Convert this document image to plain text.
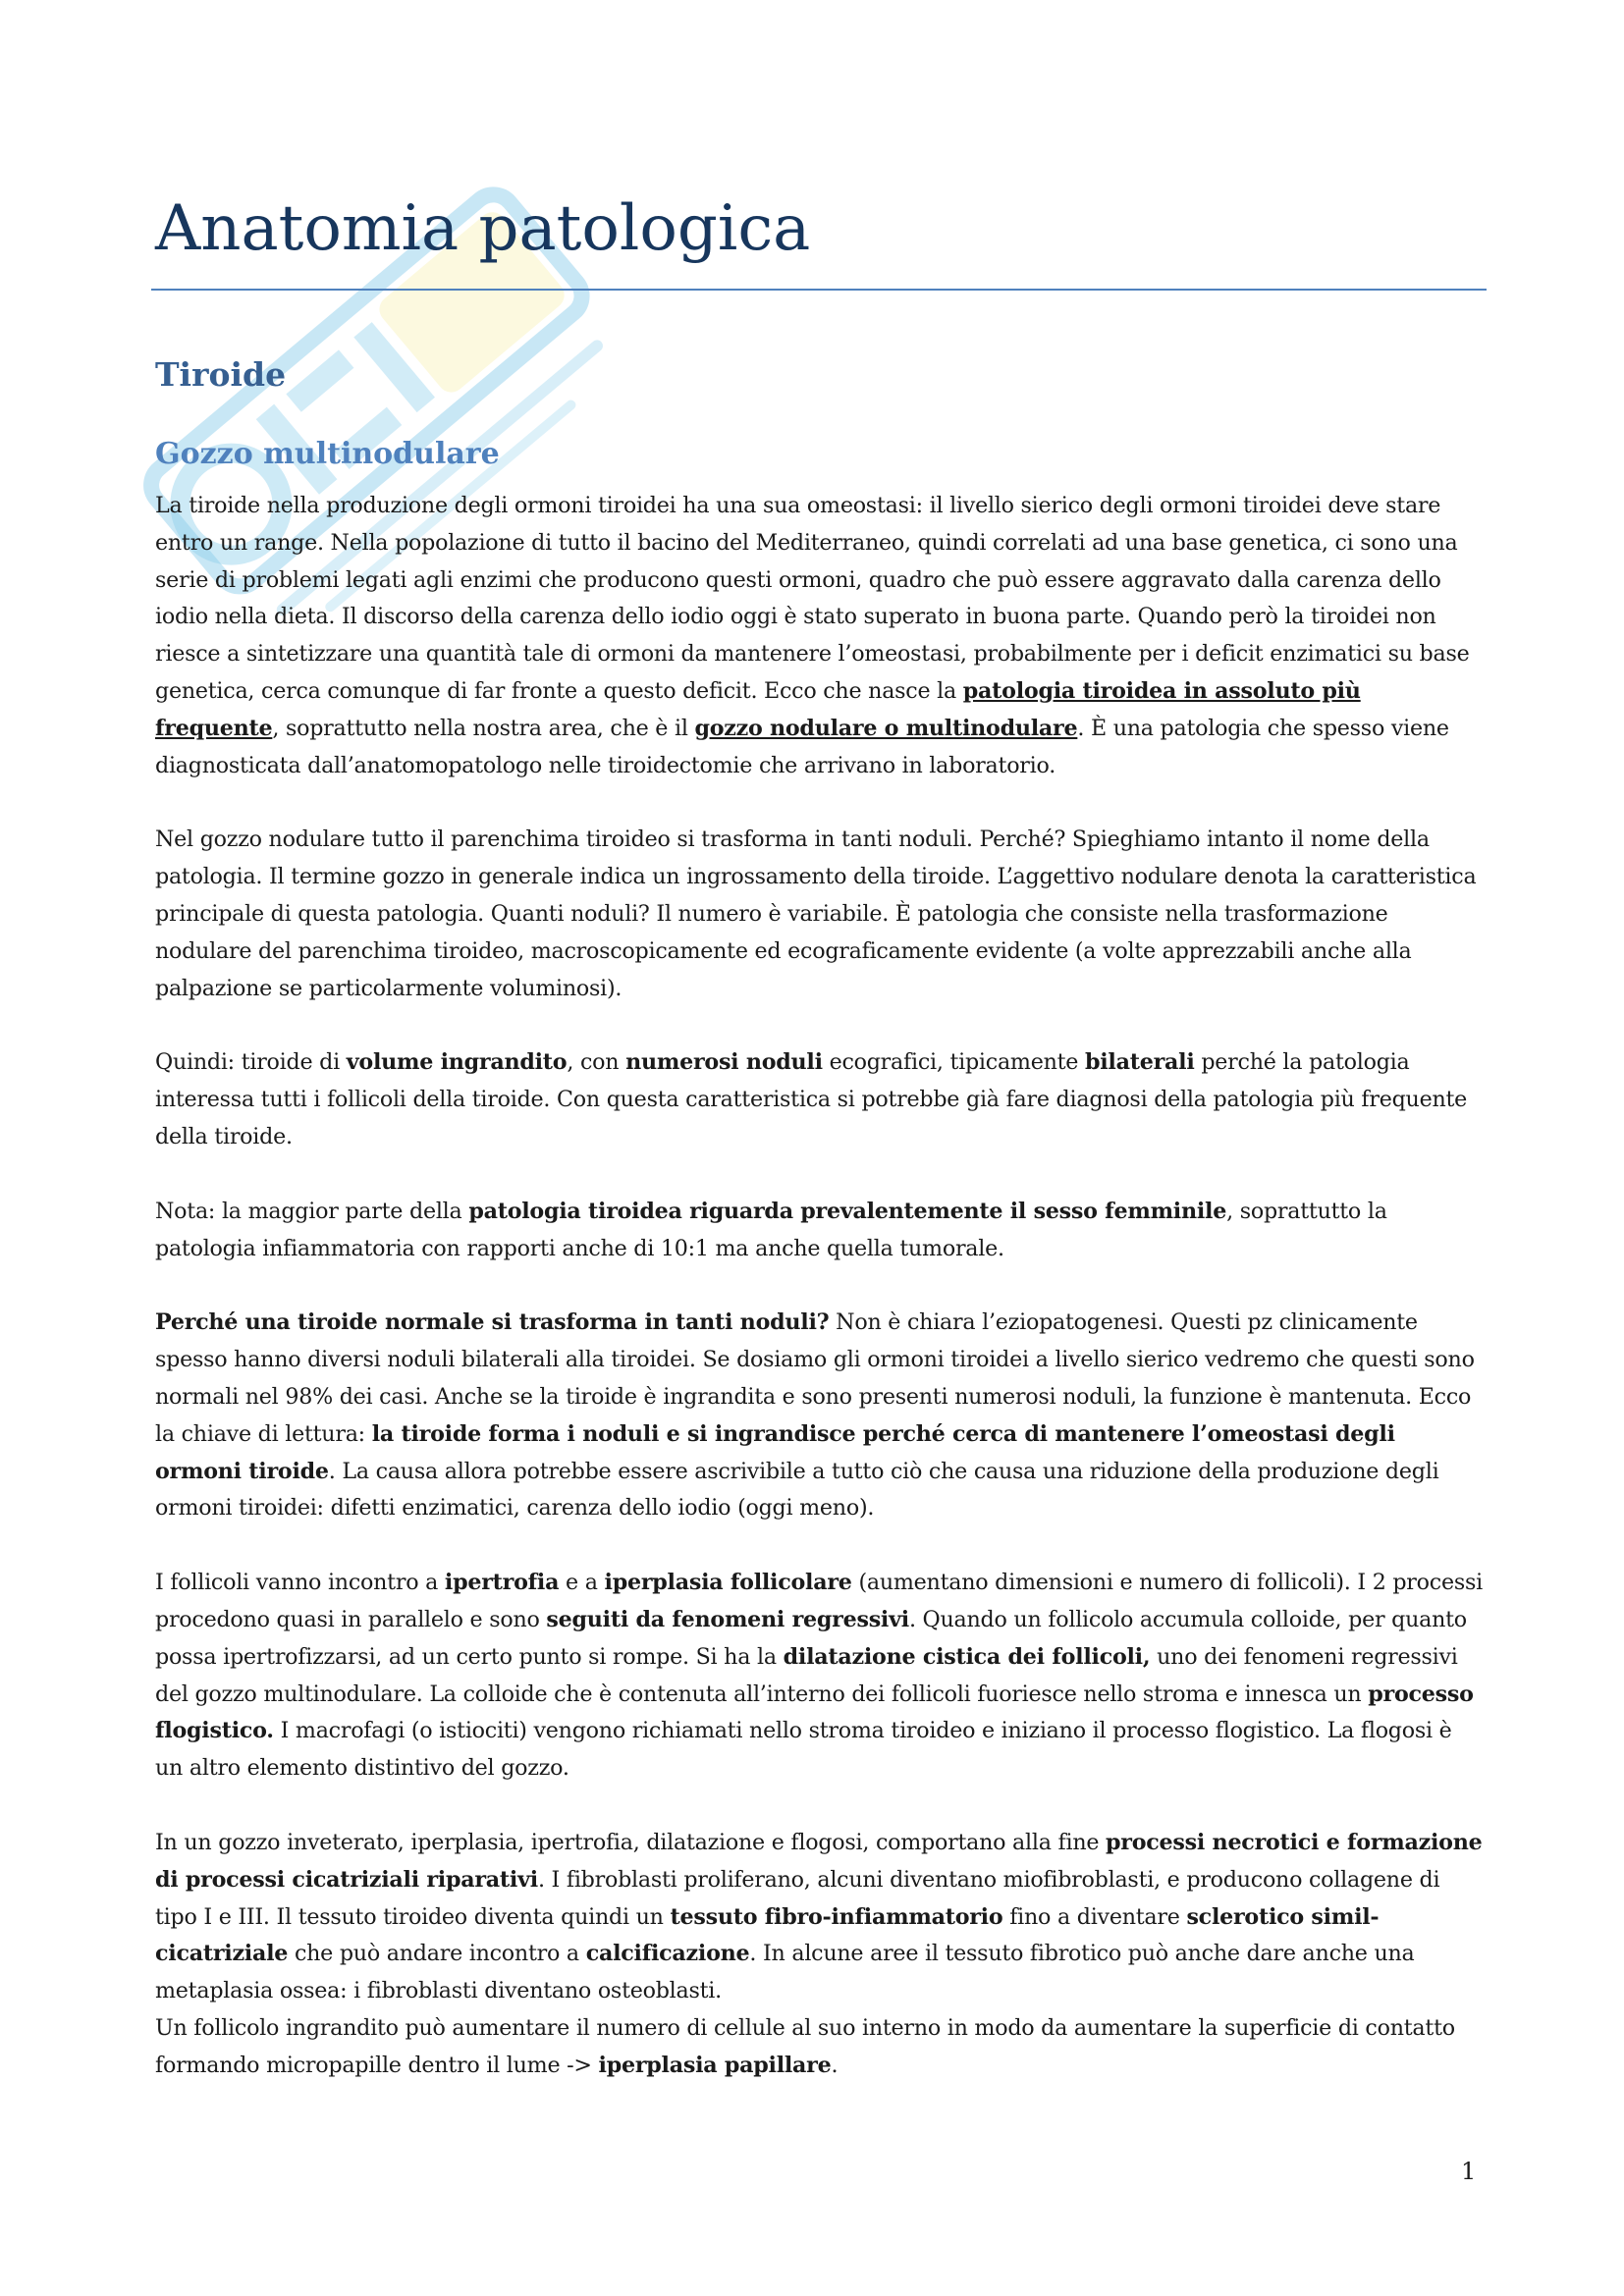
Anatomia patologica
Tiroide
Gozzo multinodulare

La tiroide nella produzione degli ormoni tiroidei ha una sua omeostasi: il livello sierico degli ormoni tiroidei deve stare entro un range. Nella popolazione di tutto il bacino del Mediterraneo, quindi correlati ad una base genetica, ci sono una serie di problemi legati agli enzimi che producono questi ormoni, quadro che può essere aggravato dalla carenza dello iodio nella dieta. Il discorso della carenza dello iodio oggi è stato superato in buona parte. Quando però la tiroidei non riesce a sintetizzare una quantità tale di ormoni da mantenere l’omeostasi, probabilmente per i deficit enzimatici su base genetica, cerca comunque di far fronte a questo deficit. Ecco che nasce la patologia tiroidea in assoluto più frequente, soprattutto nella nostra area, che è il gozzo nodulare o multinodulare. È una patologia che spesso viene diagnosticata dall’anatomopatologo nelle tiroidectomie che arrivano in laboratorio.

Nel gozzo nodulare tutto il parenchima tiroideo si trasforma in tanti noduli. Perché? Spieghiamo intanto il nome della patologia. Il termine gozzo in generale indica un ingrossamento della tiroide. L’aggettivo nodulare denota la caratteristica principale di questa patologia. Quanti noduli? Il numero è variabile. È patologia che consiste nella trasformazione nodulare del parenchima tiroideo, macroscopicamente ed ecograficamente evidente (a volte apprezzabili anche alla palpazione se particolarmente voluminosi).

Quindi: tiroide di volume ingrandito, con numerosi noduli ecografici, tipicamente bilaterali perché la patologia interessa tutti i follicoli della tiroide. Con questa caratteristica si potrebbe già fare diagnosi della patologia più frequente della tiroide.

Nota: la maggior parte della patologia tiroidea riguarda prevalentemente il sesso femminile, soprattutto la patologia infiammatoria con rapporti anche di 10:1 ma anche quella tumorale.

Perché una tiroide normale si trasforma in tanti noduli? Non è chiara l’eziopatogenesi. Questi pz clinicamente spesso hanno diversi noduli bilaterali alla tiroidei. Se dosiamo gli ormoni tiroidei a livello sierico vedremo che questi sono normali nel 98% dei casi. Anche se la tiroide è ingrandita e sono presenti numerosi noduli, la funzione è mantenuta. Ecco la chiave di lettura: la tiroide forma i noduli e si ingrandisce perché cerca di mantenere l’omeostasi degli ormoni tiroide. La causa allora potrebbe essere ascrivibile a tutto ciò che causa una riduzione della produzione degli ormoni tiroidei: difetti enzimatici, carenza dello iodio (oggi meno).

I follicoli vanno incontro a ipertrofia e a iperplasia follicolare (aumentano dimensioni e numero di follicoli). I 2 processi procedono quasi in parallelo e sono seguiti da fenomeni regressivi. Quando un follicolo accumula colloide, per quanto possa ipertrofizzarsi, ad un certo punto si rompe. Si ha la dilatazione cistica dei follicoli, uno dei fenomeni regressivi del gozzo multinodulare. La colloide che è contenuta all’interno dei follicoli fuoriesce nello stroma e innesca un processo flogistico. I macrofagi (o istiociti) vengono richiamati nello stroma tiroideo e iniziano il processo flogistico. La flogosi è un altro elemento distintivo del gozzo.

In un gozzo inveterato, iperplasia, ipertrofia, dilatazione e flogosi, comportano alla fine processi necrotici e formazione di processi cicatriziali riparativi. I fibroblasti proliferano, alcuni diventano miofibroblasti, e producono collagene di tipo I e III. Il tessuto tiroideo diventa quindi un tessuto fibro-infiammatorio fino a diventare sclerotico simil-cicatriziale che può andare incontro a calcificazione. In alcune aree il tessuto fibrotico può anche dare anche una metaplasia ossea: i fibroblasti diventano osteoblasti.

Un follicolo ingrandito può aumentare il numero di cellule al suo interno in modo da aumentare la superficie di contatto formando micropapille dentro il lume -> iperplasia papillare.

1
